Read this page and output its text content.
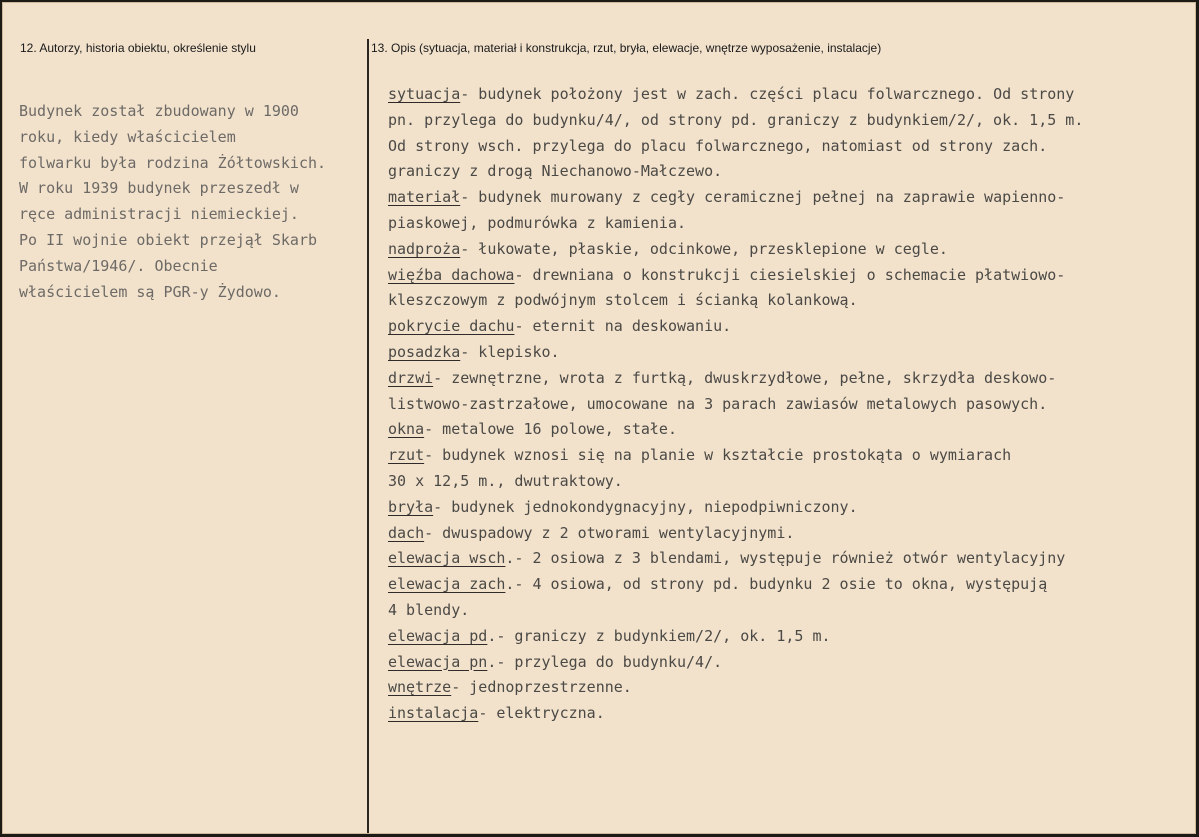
12. Autorzy, historia obiektu, określenie stylu	13. Opis (sytuacja, materiał i konstrukcja, rzut, bryła, elewacje, wnętrze wyposażenie, instalacje)
Budynek został zbudowany w 1900
roku, kiedy właścicielem
folwarku była rodzina Żółtowskich.
W roku 1939 budynek przeszedł w
ręce administracji niemieckiej.
Po II wojnie obiekt przejął Skarb
Państwa/1946/. Obecnie
właścicielem są PGR-y Żydowo.
sytuacja- budynek położony jest w zach. części placu folwarcznego. Od strony
pn. przylega do budynku/4/, od strony pd. graniczy z budynkiem/2/, ok. 1,5 m.
Od strony wsch. przylega do placu folwarcznego, natomiast od strony zach.
graniczy z drogą Niechanowo-Małczewo.
materiał- budynek murowany z cegły ceramicznej pełnej na zaprawie wapienno-
piaskowej, podmurówka z kamienia.
nadproża- łukowate, płaskie, odcinkowe, przesklepione w cegle.
więźba dachowa- drewniana o konstrukcji ciesielskiej o schemacie płatwiowo-
kleszczowym z podwójnym stolcem i ścianką kolankową.
pokrycie dachu- eternit na deskowaniu.
posadzka- klepisko.
drzwi- zewnętrzne, wrota z furtką, dwuskrzydłowe, pełne, skrzydła deskowo-
listwowo-zastrzałowe, umocowane na 3 parach zawiasów metalowych pasowych.
okna- metalowe 16 polowe, stałe.
rzut- budynek wznosi się na planie w kształcie prostokąta o wymiarach
30 x 12,5 m., dwutraktowy.
bryła- budynek jednokondygnacyjny, niepodpiwniczony.
dach- dwuspadowy z 2 otworami wentylacyjnymi.
elewacja wsch.- 2 osiowa z 3 blendami, występuje również otwór wentylacyjny
elewacja zach.- 4 osiowa, od strony pd. budynku 2 osie to okna, występują
4 blendy.
elewacja pd.- graniczy z budynkiem/2/, ok. 1,5 m.
elewacja pn.- przylega do budynku/4/.
wnętrze- jednoprzestrzenne.
instalacja- elektryczna.
